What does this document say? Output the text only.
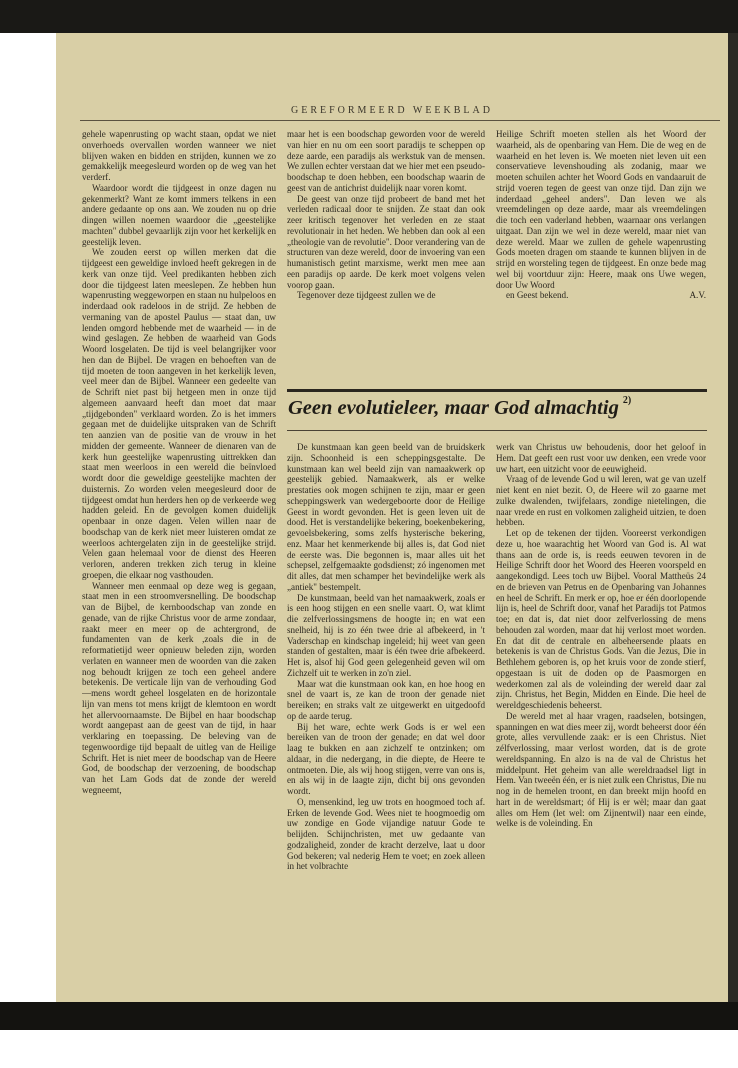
GEREFORMEERD WEEKBLAD

gehele wapenrusting op wacht staan, opdat we niet onverhoeds overvallen worden wanneer we niet blijven waken en bidden en strijden, kunnen we zo gemakkelijk meegesleurd worden op de weg van het verderf.

Waardoor wordt die tijdgeest in onze dagen nu gekenmerkt? Want ze komt immers telkens in een andere gedaante op ons aan. We zouden nu op drie dingen willen noemen waardoor die „geestelijke machten" dubbel gevaarlijk zijn voor het kerkelijk en geestelijk leven.

We zouden eerst op willen merken dat die tijdgeest een geweldige invloed heeft gekregen in de kerk van onze tijd. Veel predikanten hebben zich door die tijdgeest laten meeslepen. Ze hebben hun wapenrusting weggeworpen en staan nu hulpeloos en inderdaad ook radeloos in de strijd. Ze hebben de vermaning van de apostel Paulus — staat dan, uw lenden omgord hebbende met de waarheid — in de wind geslagen. Ze hebben de waarheid van Gods Woord losgelaten. De tijd is veel belangrijker voor hen dan de Bijbel. De vragen en behoeften van de tijd moeten de toon aangeven in het kerkelijk leven, veel meer dan de Bijbel. Wanneer een gedeelte van de Schrift niet past bij hetgeen men in onze tijd algemeen aanvaard heeft dan moet dat maar „tijdgebonden" verklaard worden. Zo is het immers gegaan met de duidelijke uitspraken van de Schrift ten aanzien van de positie van de vrouw in het midden der gemeente. Wanneer de dienaren van de kerk hun geestelijke wapenrusting uittrekken dan staat men weerloos in een wereld die beïnvloed wordt door die geweldige geestelijke machten der duisternis. Zo worden velen meegesleurd door de tijdgeest omdat hun herders hen op de verkeerde weg hadden geleid. En de gevolgen komen duidelijk openbaar in onze dagen. Velen willen naar de boodschap van de kerk niet meer luisteren omdat ze weerloos achtergelaten zijn in de geestelijke strijd. Velen gaan helemaal voor de dienst des Heeren verloren, anderen trekken zich terug in kleine groepen, die elkaar nog vasthouden.

Wanneer men eenmaal op deze weg is gegaan, staat men in een stroomversnelling. De boodschap van de Bijbel, de kernboodschap van zonde en genade, van de rijke Christus voor de arme zondaar, raakt meer en meer op de achtergrond, de fundamenten van de kerk ,zoals die in de reformatietijd weer opnieuw beleden zijn, worden verlaten en wanneer men de woorden van die zaken nog behoudt krijgen ze toch een geheel andere betekenis. De verticale lijn van de verhouding God—mens wordt geheel losgelaten en de horizontale lijn van mens tot mens krijgt de klemtoon en wordt het allervoornaamste. De Bijbel en haar boodschap wordt aangepast aan de geest van de tijd, in haar verklaring en toepassing. De beleving van de tegenwoordige tijd bepaalt de uitleg van de Heilige Schrift. Het is niet meer de boodschap van de Heere God, de boodschap der verzoening, de boodschap van het Lam Gods dat de zonde der wereld wegneemt,

maar het is een boodschap geworden voor de wereld van hier en nu om een soort paradijs te scheppen op deze aarde, een paradijs als werkstuk van de mensen. We zullen echter verstaan dat we hier met een pseudo-boodschap te doen hebben, een boodschap waarin de geest van de antichrist duidelijk naar voren komt.

De geest van onze tijd probeert de band met het verleden radicaal door te snijden. Ze staat dan ook zeer kritisch tegenover het verleden en ze staat revolutionair in het heden. We hebben dan ook al een „theologie van de revolutie". Door verandering van de structuren van deze wereld, door de invoering van een humanistisch getint marxisme, werkt men mee aan een paradijs op aarde. De kerk moet volgens velen voorop gaan.

Tegenover deze tijdgeest zullen we de

Heilige Schrift moeten stellen als het Woord der waarheid, als de openbaring van Hem. Die de weg en de waarheid en het leven is. We moeten niet leven uit een conservatieve levenshouding als zodanig, maar we moeten schuilen achter het Woord Gods en vandaaruit de strijd voeren tegen de geest van onze tijd. Dan zijn we inderdaad „geheel anders". Dan leven we als vreemdelingen op deze aarde, maar als vreemdelingen die toch een vaderland hebben, waarnaar ons verlangen uitgaat. Dan zijn we wel in deze wereld, maar niet van deze wereld. Maar we zullen de gehele wapenrusting Gods moeten dragen om staande te kunnen blijven in de strijd en worsteling tegen de tijdgeest. En onze bede mag wel bij voortduur zijn: Heere, maak ons Uwe wegen, door Uw Woord

en Geest bekend.	A.V.

Geen evolutieleer, maar God almachtig $^{2)}$

De kunstmaan kan geen beeld van de bruidskerk zijn. Schoonheid is een scheppingsgestalte. De kunstmaan kan wel beeld zijn van namaakwerk op geestelijk gebied. Namaakwerk, als er welke prestaties ook mogen schijnen te zijn, maar er geen scheppingswerk van wedergeboorte door de Heilige Geest in wordt gevonden. Het is geen leven uit de dood. Het is verstandelijke bekering, boekenbekering, gevoelsbekering, soms zelfs hysterische bekering, enz. Maar het kenmerkende bij alles is, dat God niet de eerste was. Die begonnen is, maar alles uit het schepsel, zelfgemaakte godsdienst; zó ingenomen met dit alles, dat men schamper het bevindelijke werk als „antiek" bestempelt.

De kunstmaan, beeld van het namaakwerk, zoals er is een hoog stijgen en een snelle vaart. O, wat klimt die zelfverlossingsmens de hoogte in; en wat een snelheid, hij is zo één twee drie al afbekeerd, in 't Vaderschap en kindschap ingeleid; hij weet van geen standen of gestalten, maar is één twee drie afbekeerd. Het is, alsof hij God geen gelegenheid geven wil om Zichzelf uit te werken in zo'n ziel.

Maar wat die kunstmaan ook kan, en hoe hoog en snel de vaart is, ze kan de troon der genade niet bereiken; en straks valt ze uitgewerkt en uitgedoofd op de aarde terug.

Bij het ware, echte werk Gods is er wel een bereiken van de troon der genade; en dat wel door laag te bukken en aan zichzelf te ontzinken; om aldaar, in die nedergang, in die diepte, de Heere te ontmoeten. Die, als wij hoog stijgen, verre van ons is, en als wij in de laagte zijn, dicht bij ons gevonden wordt.

O, mensenkind, leg uw trots en hoogmoed toch af. Erken de levende God. Wees niet te hoogmoedig om uw zondige en Gode vijandige natuur Gode te belijden. Schijnchristen, met uw gedaante van godzaligheid, zonder de kracht derzelve, laat u door God bekeren; val nederig Hem te voet; en zoek alleen in het volbrachte

werk van Christus uw behoudenis, door het geloof in Hem. Dat geeft een rust voor uw denken, een vrede voor uw hart, een uitzicht voor de eeuwigheid.

Vraag of de levende God u wil leren, wat ge van uzelf niet kent en niet bezit. O, de Heere wil zo gaarne met zulke dwalenden, twijfelaars, zondige nietelingen, die naar vrede en rust en volkomen zaligheid uitzien, te doen hebben.

Let op de tekenen der tijden. Vooreerst verkondigen deze u, hoe waarachtig het Woord van God is. Al wat thans aan de orde is, is reeds eeuwen tevoren in de Heilige Schrift door het Woord des Heeren voorspeld en aangekondigd. Lees toch uw Bijbel. Vooral Mattheüs 24 en de brieven van Petrus en de Openbaring van Johannes en heel de Schrift. En merk er op, hoe er één doorlopende lijn is, heel de Schrift door, vanaf het Paradijs tot Patmos toe; en dat is, dat niet door zelfverlossing de mens behouden zal worden, maar dat hij verlost moet worden. En dat dit de centrale en albeheersende plaats en betekenis is van de Christus Gods. Van die Jezus, Die in Bethlehem geboren is, op het kruis voor de zonde stierf, opgestaan is uit de doden op de Paasmorgen en wederkomen zal als de voleinding der wereld daar zal zijn. Christus, het Begin, Midden en Einde. Die heel de wereldgeschiedenis beheerst.

De wereld met al haar vragen, raadselen, botsingen, spanningen en wat dies meer zij, wordt beheerst door één grote, alles vervullende zaak: er is een Christus. Niet zélfverlossing, maar verlost worden, dat is de grote wereldspanning. En alzo is na de val de Christus het middelpunt. Het geheim van alle wereldraadsel ligt in Hem. Van tweeën één, er is niet zulk een Christus, Die nu nog in de hemelen troont, en dan breekt mijn hoofd en hart in de wereldsmart; óf Hij is er wèl; maar dan gaat alles om Hem (let wel: om Zijnentwil) naar een einde, welke is de voleinding. En
